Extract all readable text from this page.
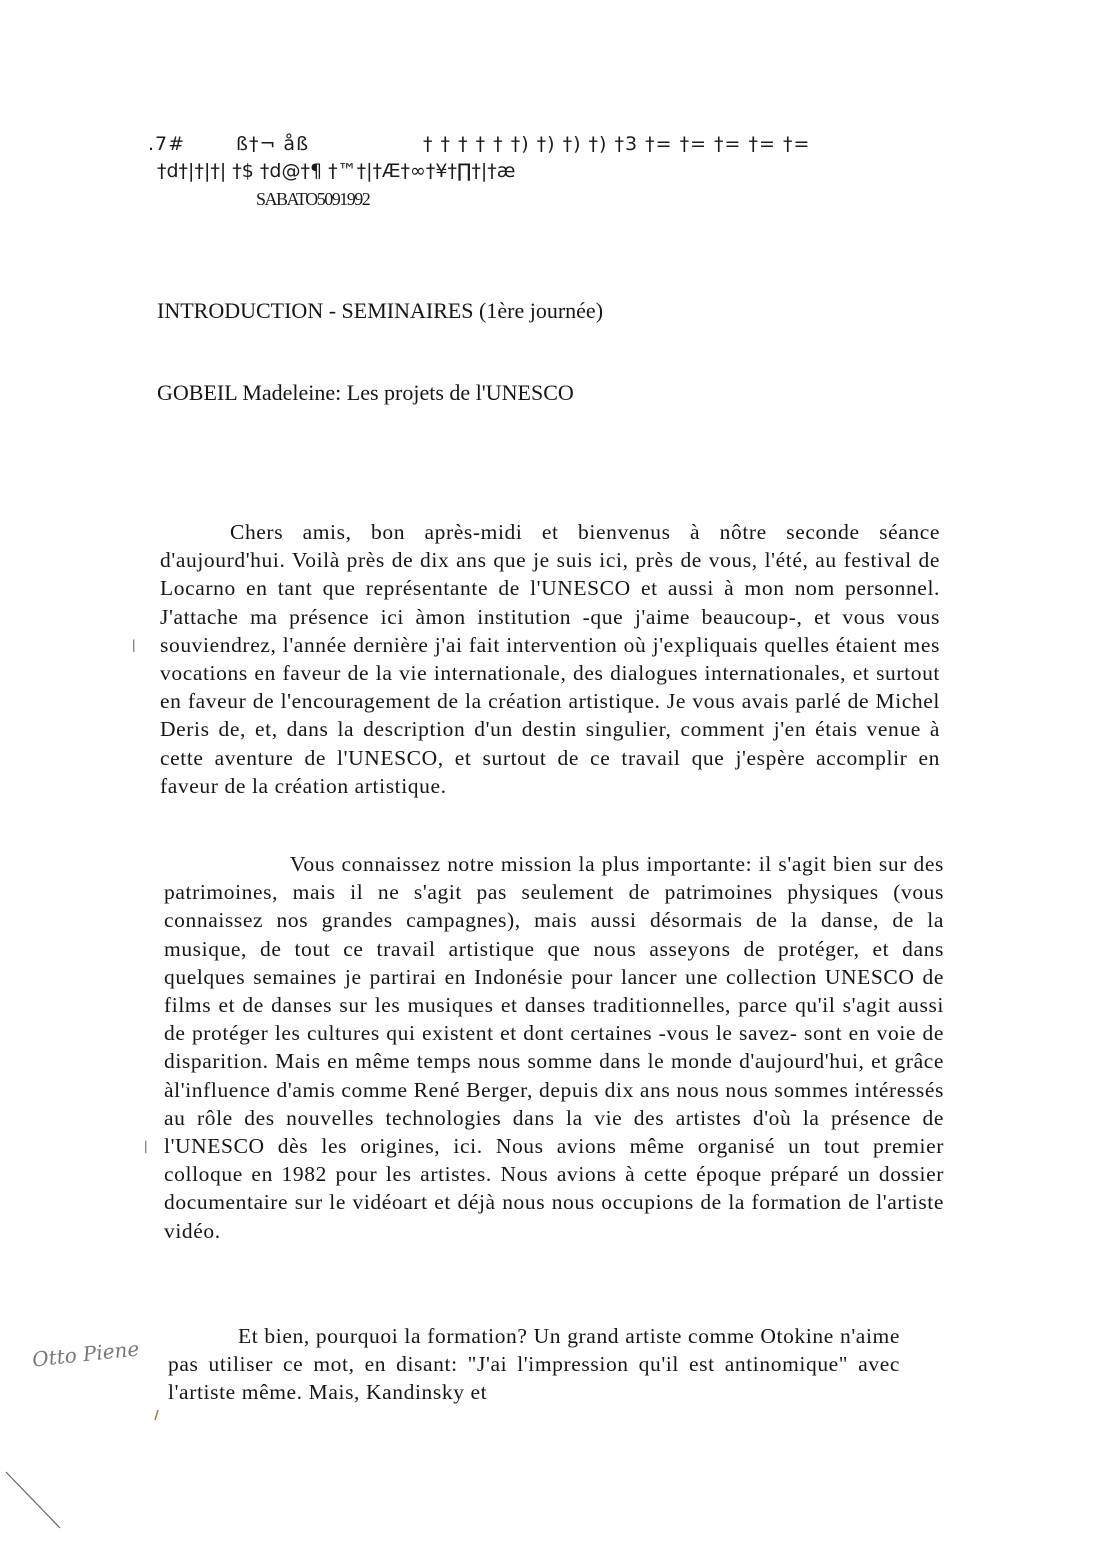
.7#	ß†¬ åß	† † † † † †) †) †) †) †3 †= †= †= †= †=
†d†|†|†| †$ †d@†¶ †™†|†Æ†∞†¥†∏†|†æ
SABATO5091992
INTRODUCTION - SEMINAIRES (1ère journée)
GOBEIL Madeleine: Les projets de l'UNESCO

Chers amis, bon après-midi et bienvenus à nôtre seconde séance d'aujourd'hui. Voilà près de dix ans que je suis ici, près de vous, l'été, au festival de Locarno en tant que représentante de l'UNESCO et aussi à mon nom personnel. J'attache ma présence ici àmon institution -que j'aime beaucoup-, et vous vous souviendrez, l'année dernière j'ai fait intervention où j'expliquais quelles étaient mes vocations en faveur de la vie internationale, des dialogues internationales, et surtout en faveur de l'encouragement de la création artistique. Je vous avais parlé de Michel Deris de, et, dans la description d'un destin singulier, comment j'en étais venue à cette aventure de l'UNESCO, et surtout de ce travail que j'espère accomplir en faveur de la création artistique.

Vous connaissez notre mission la plus importante: il s'agit bien sur des patrimoines, mais il ne s'agit pas seulement de patrimoines physiques (vous connaissez nos grandes campagnes), mais aussi désormais de la danse, de la musique, de tout ce travail artistique que nous asseyons de protéger, et dans quelques semaines je partirai en Indonésie pour lancer une collection UNESCO de films et de danses sur les musiques et danses traditionnelles, parce qu'il s'agit aussi de protéger les cultures qui existent et dont certaines -vous le savez- sont en voie de disparition. Mais en même temps nous somme dans le monde d'aujourd'hui, et grâce àl'influence d'amis comme René Berger, depuis dix ans nous nous sommes intéressés au rôle des nouvelles technologies dans la vie des artistes d'où la présence de l'UNESCO dès les origines, ici. Nous avions même organisé un tout premier colloque en 1982 pour les artistes. Nous avions à cette époque préparé un dossier documentaire sur le vidéoart et déjà nous nous occupions de la formation de l'artiste vidéo.

Et bien, pourquoi la formation? Un grand artiste comme Otokine n'aime pas utiliser ce mot, en disant: "J'ai l'impression qu'il est antinomique" avec l'artiste même. Mais, Kandinsky et

ǀ
ǀ
Otto Piene
